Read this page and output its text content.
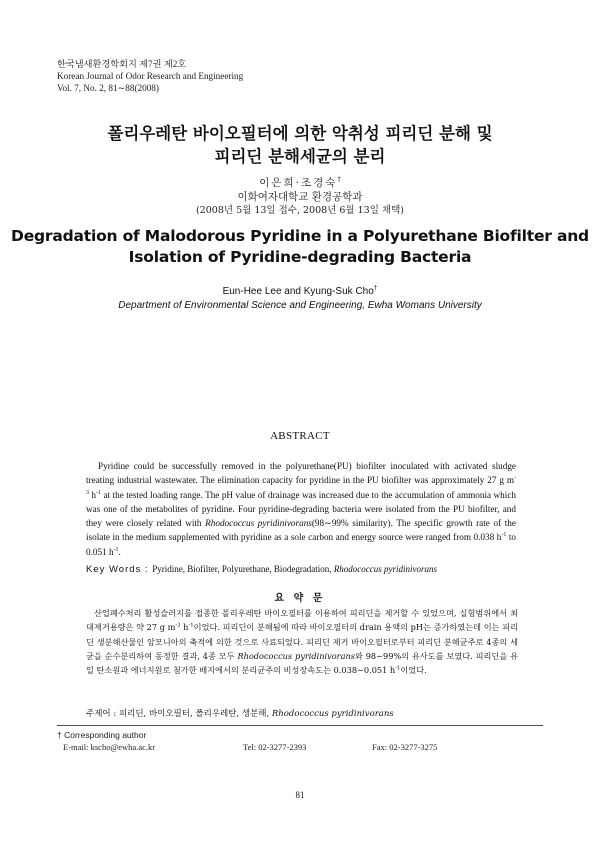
한국냄새환경학회지 제7권 제2호
Korean Journal of Odor Research and Engineering
Vol. 7, No. 2, 81∼88(2008)
폴리우레탄 바이오필터에 의한 악취성 피리딘 분해 및
피리딘 분해세균의 분리
이은희·조경숙†
이화여자대학교 환경공학과
(2008년 5월 13일 접수, 2008년 6월 13일 채택)
Degradation of Malodorous Pyridine in a Polyurethane Biofilter and
Isolation of Pyridine-degrading Bacteria
Eun-Hee Lee and Kyung-Suk Cho†
Department of Environmental Science and Engineering, Ewha Womans University
ABSTRACT

Pyridine could be successfully removed in the polyurethane(PU) biofilter inoculated with activated sludge treating industrial wastewater. The elimination capacity for pyridine in the PU biofilter was approximately 27 g $m^{-3}$ $h^{-1}$ at the tested loading range. The pH value of drainage was increased due to the accumulation of ammonia which was one of the metabolites of pyridine. Four pyridine-degrading bacteria were isolated from the PU biofilter, and they were closely related with Rhodococcus pyridinivorans(98∼99% similarity). The specific growth rate of the isolate in the medium supplemented with pyridine as a sole carbon and energy source were ranged from 0.038 $h^{-1}$ to 0.051 $h^{-1}$.

Key Words : Pyridine, Biofilter, Polyurethane, Biodegradation, Rhodococcus pyridinivorans
요 약 문

산업폐수처리 활성슬러지를 접종한 폴리우레탄 바이오필터를 이용하여 피리딘을 제거할 수 있었으며, 실험범위에서 최대제거용량은 약 27 g $m^{-3}$ $h^{-1}$이었다. 피리딘이 분해됨에 따라 바이오필터의 drain 용액의 pH는 증가하였는데 이는 피리딘 생분해산물인 암모니아의 축적에 의한 것으로 사료되었다. 피리딘 제거 바이오필터로부터 피리딘 분해균주로 4종의 세균을 순수분리하여 동정한 결과, 4종 모두 Rhodococcus pyridinivorans와 98∼99%의 유사도를 보였다. 피리딘을 유일 탄소원과 에너지원로 첨가한 배지에서의 분리균주의 비성장속도는 0.038∼0.051 $h^{-1}$이었다.

주제어 : 피리딘, 바이오필터, 폴리우레탄, 생분해, Rhodococcus pyridinivorans
† Corresponding author
E-mail: kscho@ewha.ac.kr	Tel: 02-3277-2393	Fax: 02-3277-3275
81
